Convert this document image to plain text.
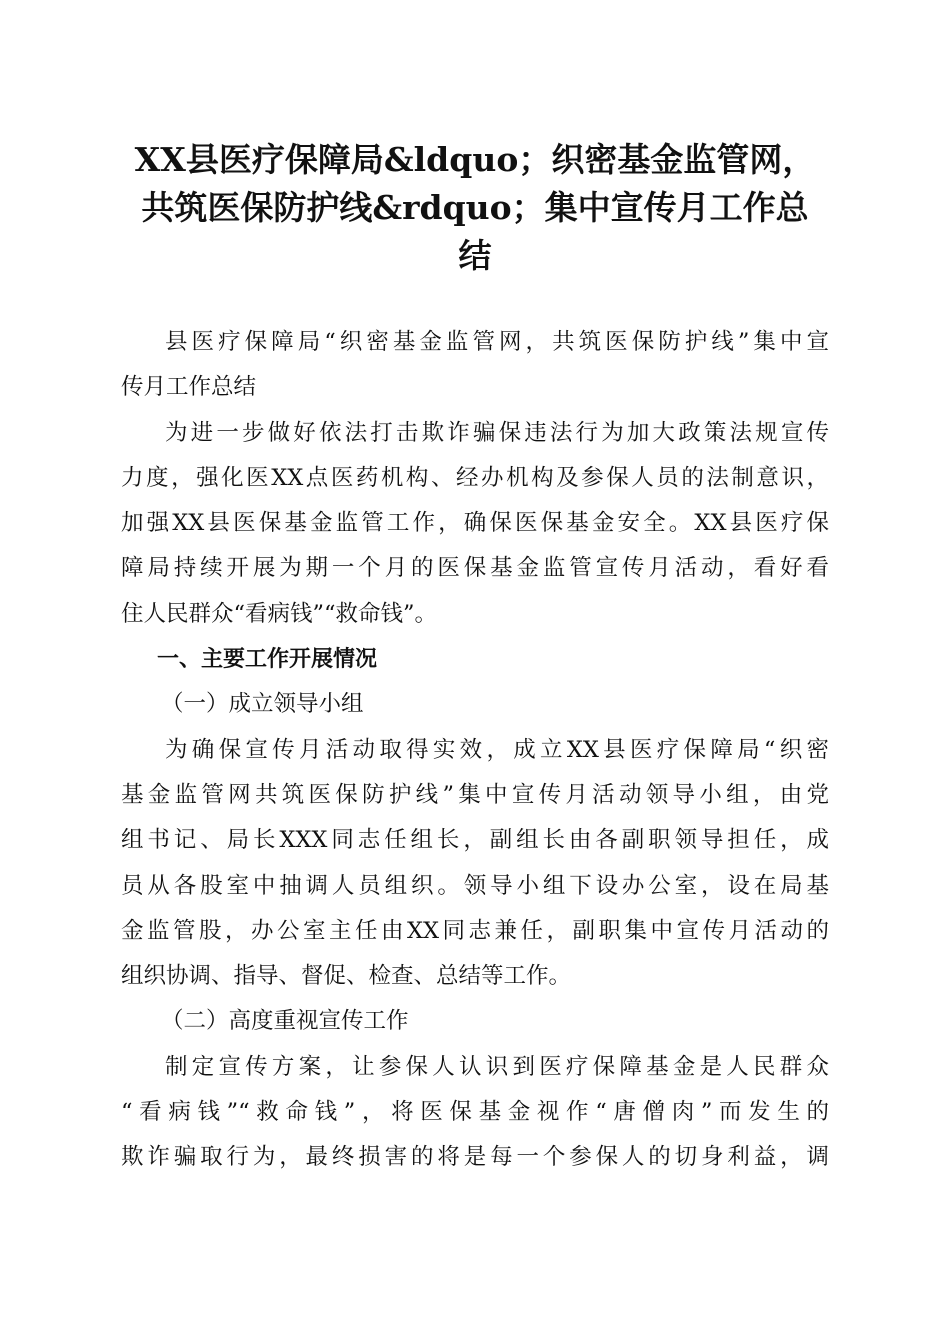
XX县医疗保障局&ldquo；织密基金监管网，
共筑医保防护线&rdquo；集中宣传月工作总
结
县医疗保障局“织密基金监管网，共筑医保防护线”集中宣
传月工作总结
为进一步做好依法打击欺诈骗保违法行为加大政策法规宣传
力度，强化医XX点医药机构、经办机构及参保人员的法制意识，
加强XX县医保基金监管工作，确保医保基金安全。XX县医疗保
障局持续开展为期一个月的医保基金监管宣传月活动，看好看
住人民群众“看病钱”“救命钱”。
一、主要工作开展情况
（一）成立领导小组
为确保宣传月活动取得实效，成立XX县医疗保障局“织密
基金监管网共筑医保防护线”集中宣传月活动领导小组，由党
组书记、局长XXX同志任组长，副组长由各副职领导担任，成
员从各股室中抽调人员组织。领导小组下设办公室，设在局基
金监管股，办公室主任由XX同志兼任，副职集中宣传月活动的
组织协调、指导、督促、检查、总结等工作。
（二）高度重视宣传工作
制定宣传方案，让参保人认识到医疗保障基金是人民群众
“看病钱”“救命钱”，将医保基金视作“唐僧肉”而发生的
欺诈骗取行为，最终损害的将是每一个参保人的切身利益，调
